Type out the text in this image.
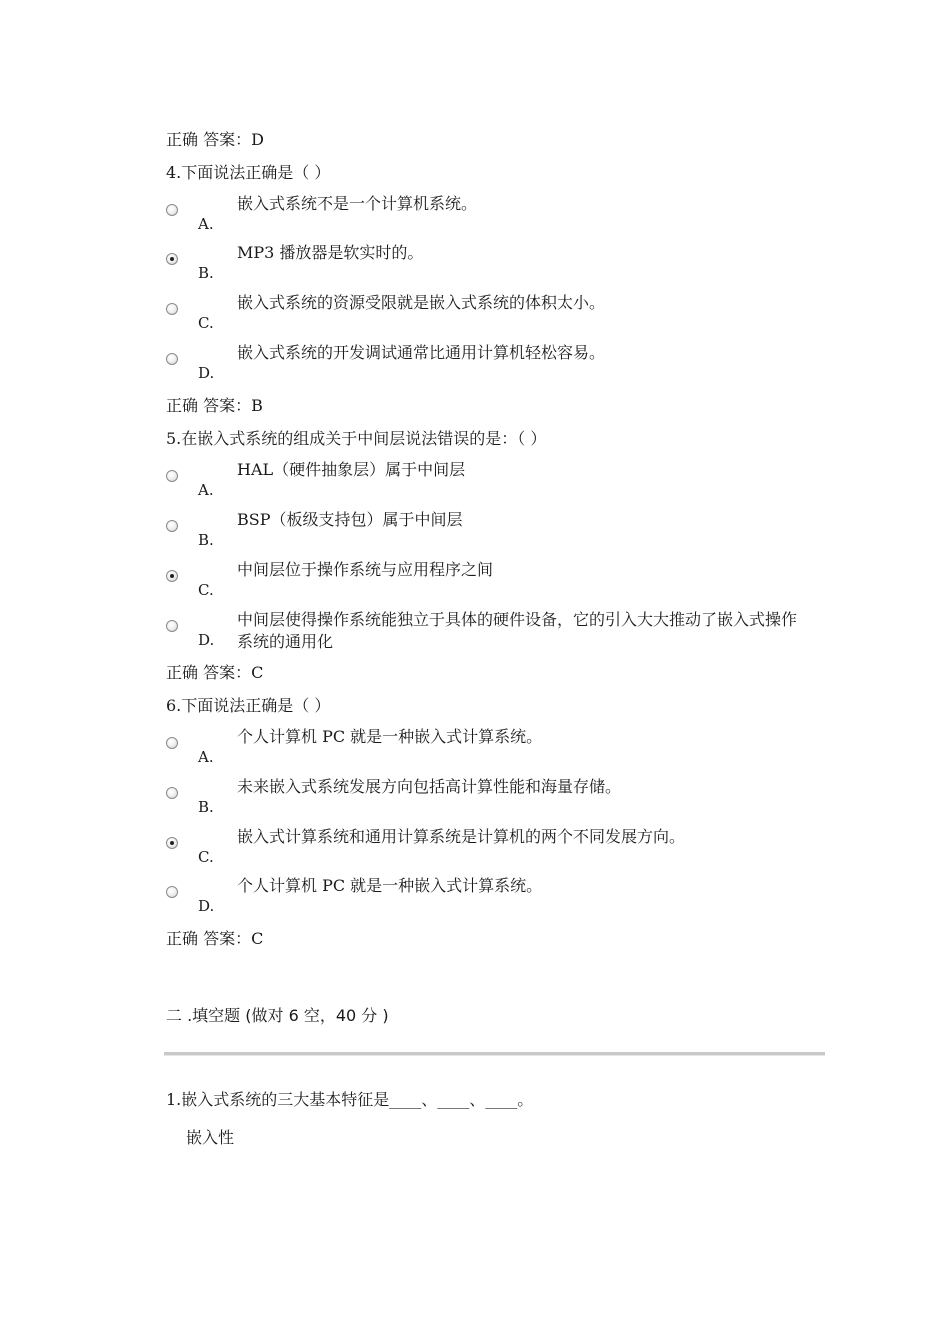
正确 答案：D
4.下面说法正确是（ ）
A.
嵌入式系统不是一个计算机系统。
B.
MP3 播放器是软实时的。
C.
嵌入式系统的资源受限就是嵌入式系统的体积太小。
D.
嵌入式系统的开发调试通常比通用计算机轻松容易。
正确 答案：B
5.在嵌入式系统的组成关于中间层说法错误的是：（ ）
A.
HAL（硬件抽象层）属于中间层
B.
BSP（板级支持包）属于中间层
C.
中间层位于操作系统与应用程序之间
D.
中间层使得操作系统能独立于具体的硬件设备，它的引入大大推动了嵌入式操作系统的通用化
正确 答案：C
6.下面说法正确是（ ）
A.
个人计算机 PC 就是一种嵌入式计算系统。
B.
未来嵌入式系统发展方向包括高计算性能和海量存储。
C.
嵌入式计算系统和通用计算系统是计算机的两个不同发展方向。
D.
个人计算机 PC 就是一种嵌入式计算系统。
正确 答案：C
二 .填空题 (做对 6 空，40 分 )
1.嵌入式系统的三大基本特征是____、____、____。
嵌入性
